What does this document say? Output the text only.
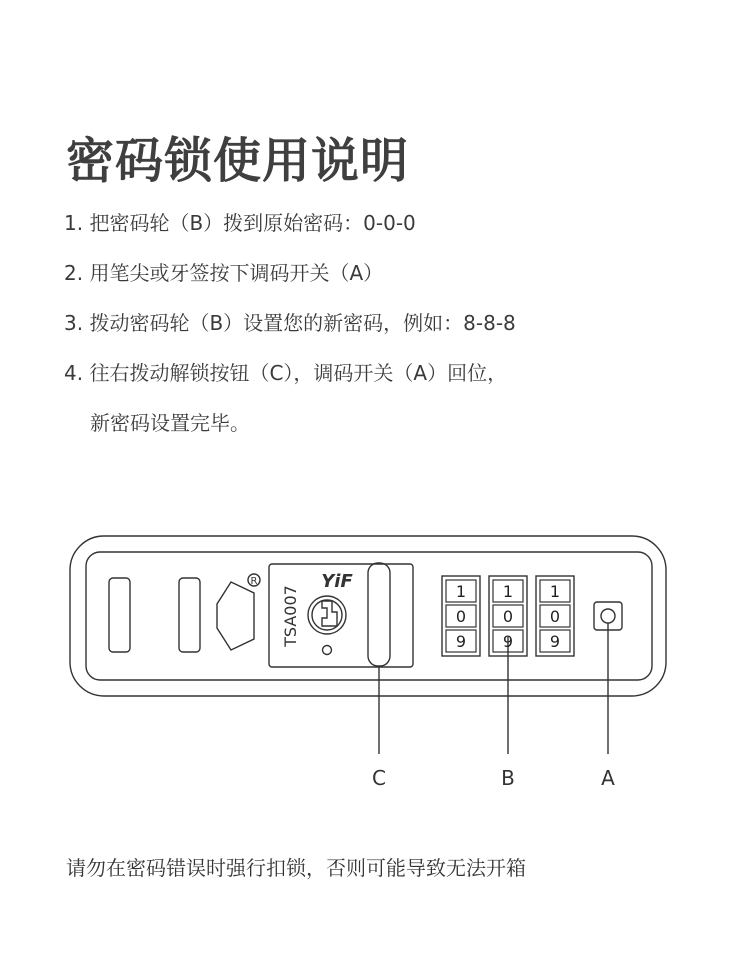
密码锁使用说明
1. 把密码轮（B）拨到原始密码：0-0-0
2. 用笔尖或牙签按下调码开关（A）
3. 拨动密码轮（B）设置您的新密码，例如：8-8-8
4. 往右拨动解锁按钮（C），调码开关（A）回位，
新密码设置完毕。
R
TSA007
YiF	1
0
9
1
0
9
1
0
9
C	B	A
请勿在密码错误时强行扣锁，否则可能导致无法开箱
